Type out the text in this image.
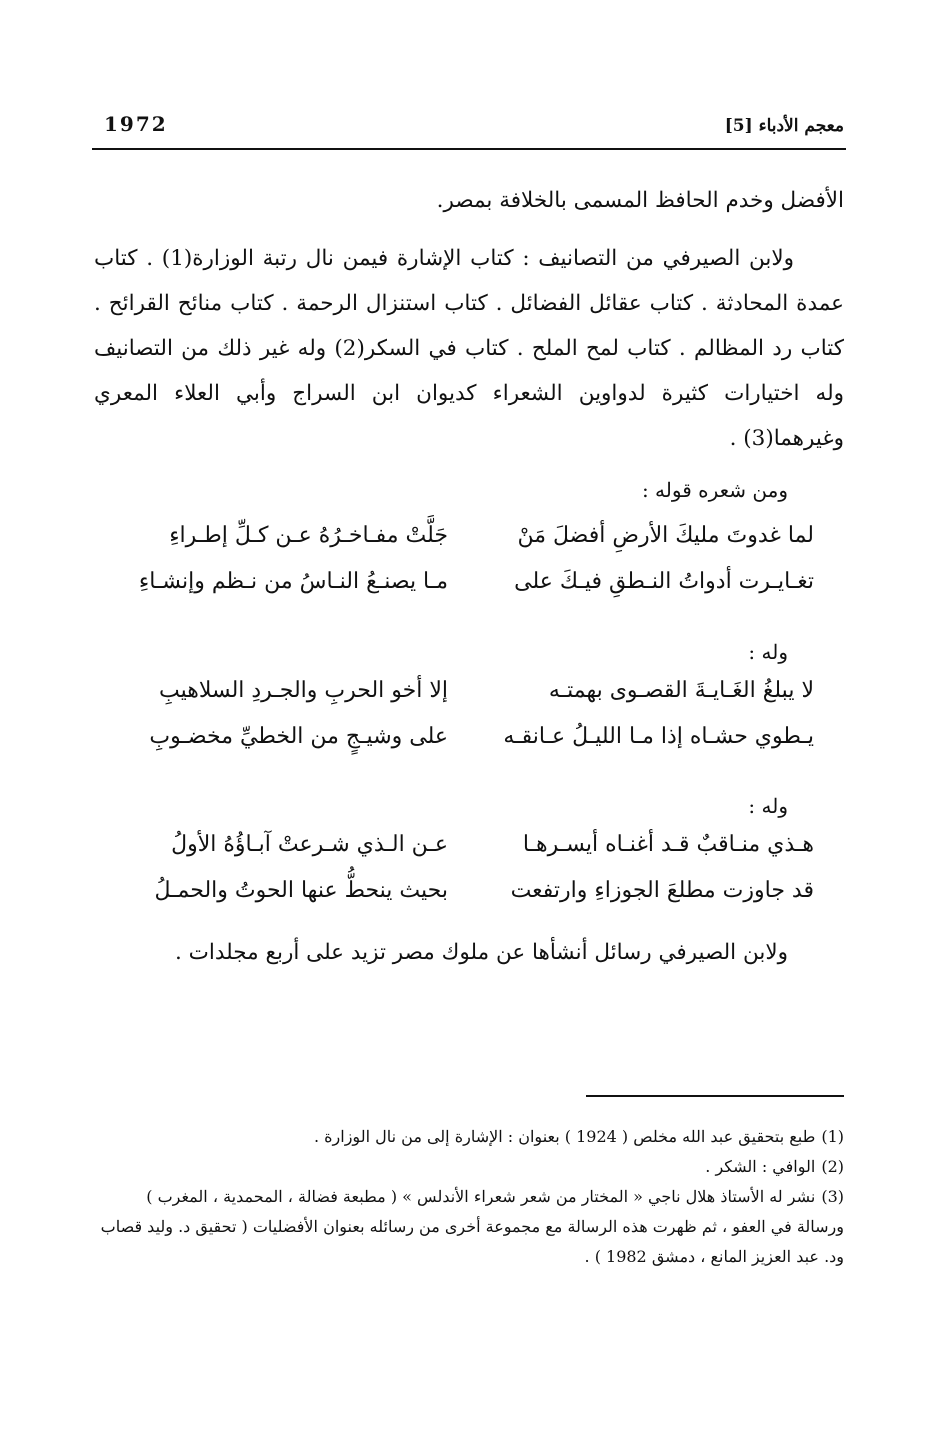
معجم الأدباء [5]
1972
الأفضل وخدم الحافظ المسمى بالخلافة بمصر.
ولابن الصيرفي من التصانيف : كتاب الإشارة فيمن نال رتبة الوزارة(1) . كتاب عمدة المحادثة . كتاب عقائل الفضائل . كتاب استنزال الرحمة . كتاب منائح القرائح . كتاب رد المظالم . كتاب لمح الملح . كتاب في السكر(2) وله غير ذلك من التصانيف وله اختيارات كثيرة لدواوين الشعراء كديوان ابن السراج وأبي العلاء المعري وغيرهما(3) .
ومن شعره قوله :
لما غدوتَ مليكَ الأرضِ أفضلَ مَنْ
جَلَّتْ مفـاخـرُهُ عـن كـلِّ إطـراءِ
تغـايـرت أدواتُ النـطقِ فيـكَ على
مـا يصنـعُ النـاسُ من نـظم وإنشـاءِ
وله :
لا يبلغُ الغَـايـةَ القصـوى بهمتـه
إلا أخو الحربِ والجـردِ السلاهيبِ
يـطوي حشـاه إذا مـا الليـلُ عـانقـه
على وشيـجٍ من الخطيِّ مخضـوبِ
وله :
هـذي منـاقبٌ قـد أغنـاه أيسـرهـا
عـن الـذي شـرعتْ آبـاؤُهُ الأولُ
قد جاوزت مطلعَ الجوزاءِ وارتفعت
بحيث ينحطُّ عنها الحوتُ والحمـلُ
ولابن الصيرفي رسائل أنشأها عن ملوك مصر تزيد على أربع مجلدات .

(1)طبع بتحقيق عبد الله مخلص ( 1924 ) بعنوان : الإشارة إلى من نال الوزارة .

(2)الوافي : الشكر .

(3)نشر له الأستاذ هلال ناجي « المختار من شعر شعراء الأندلس » ( مطبعة فضالة ، المحمدية ، المغرب ) ورسالة في العفو ، ثم ظهرت هذه الرسالة مع مجموعة أخرى من رسائله بعنوان الأفضليات ( تحقيق د. وليد قصاب ود. عبد العزيز المانع ، دمشق 1982 ) .
